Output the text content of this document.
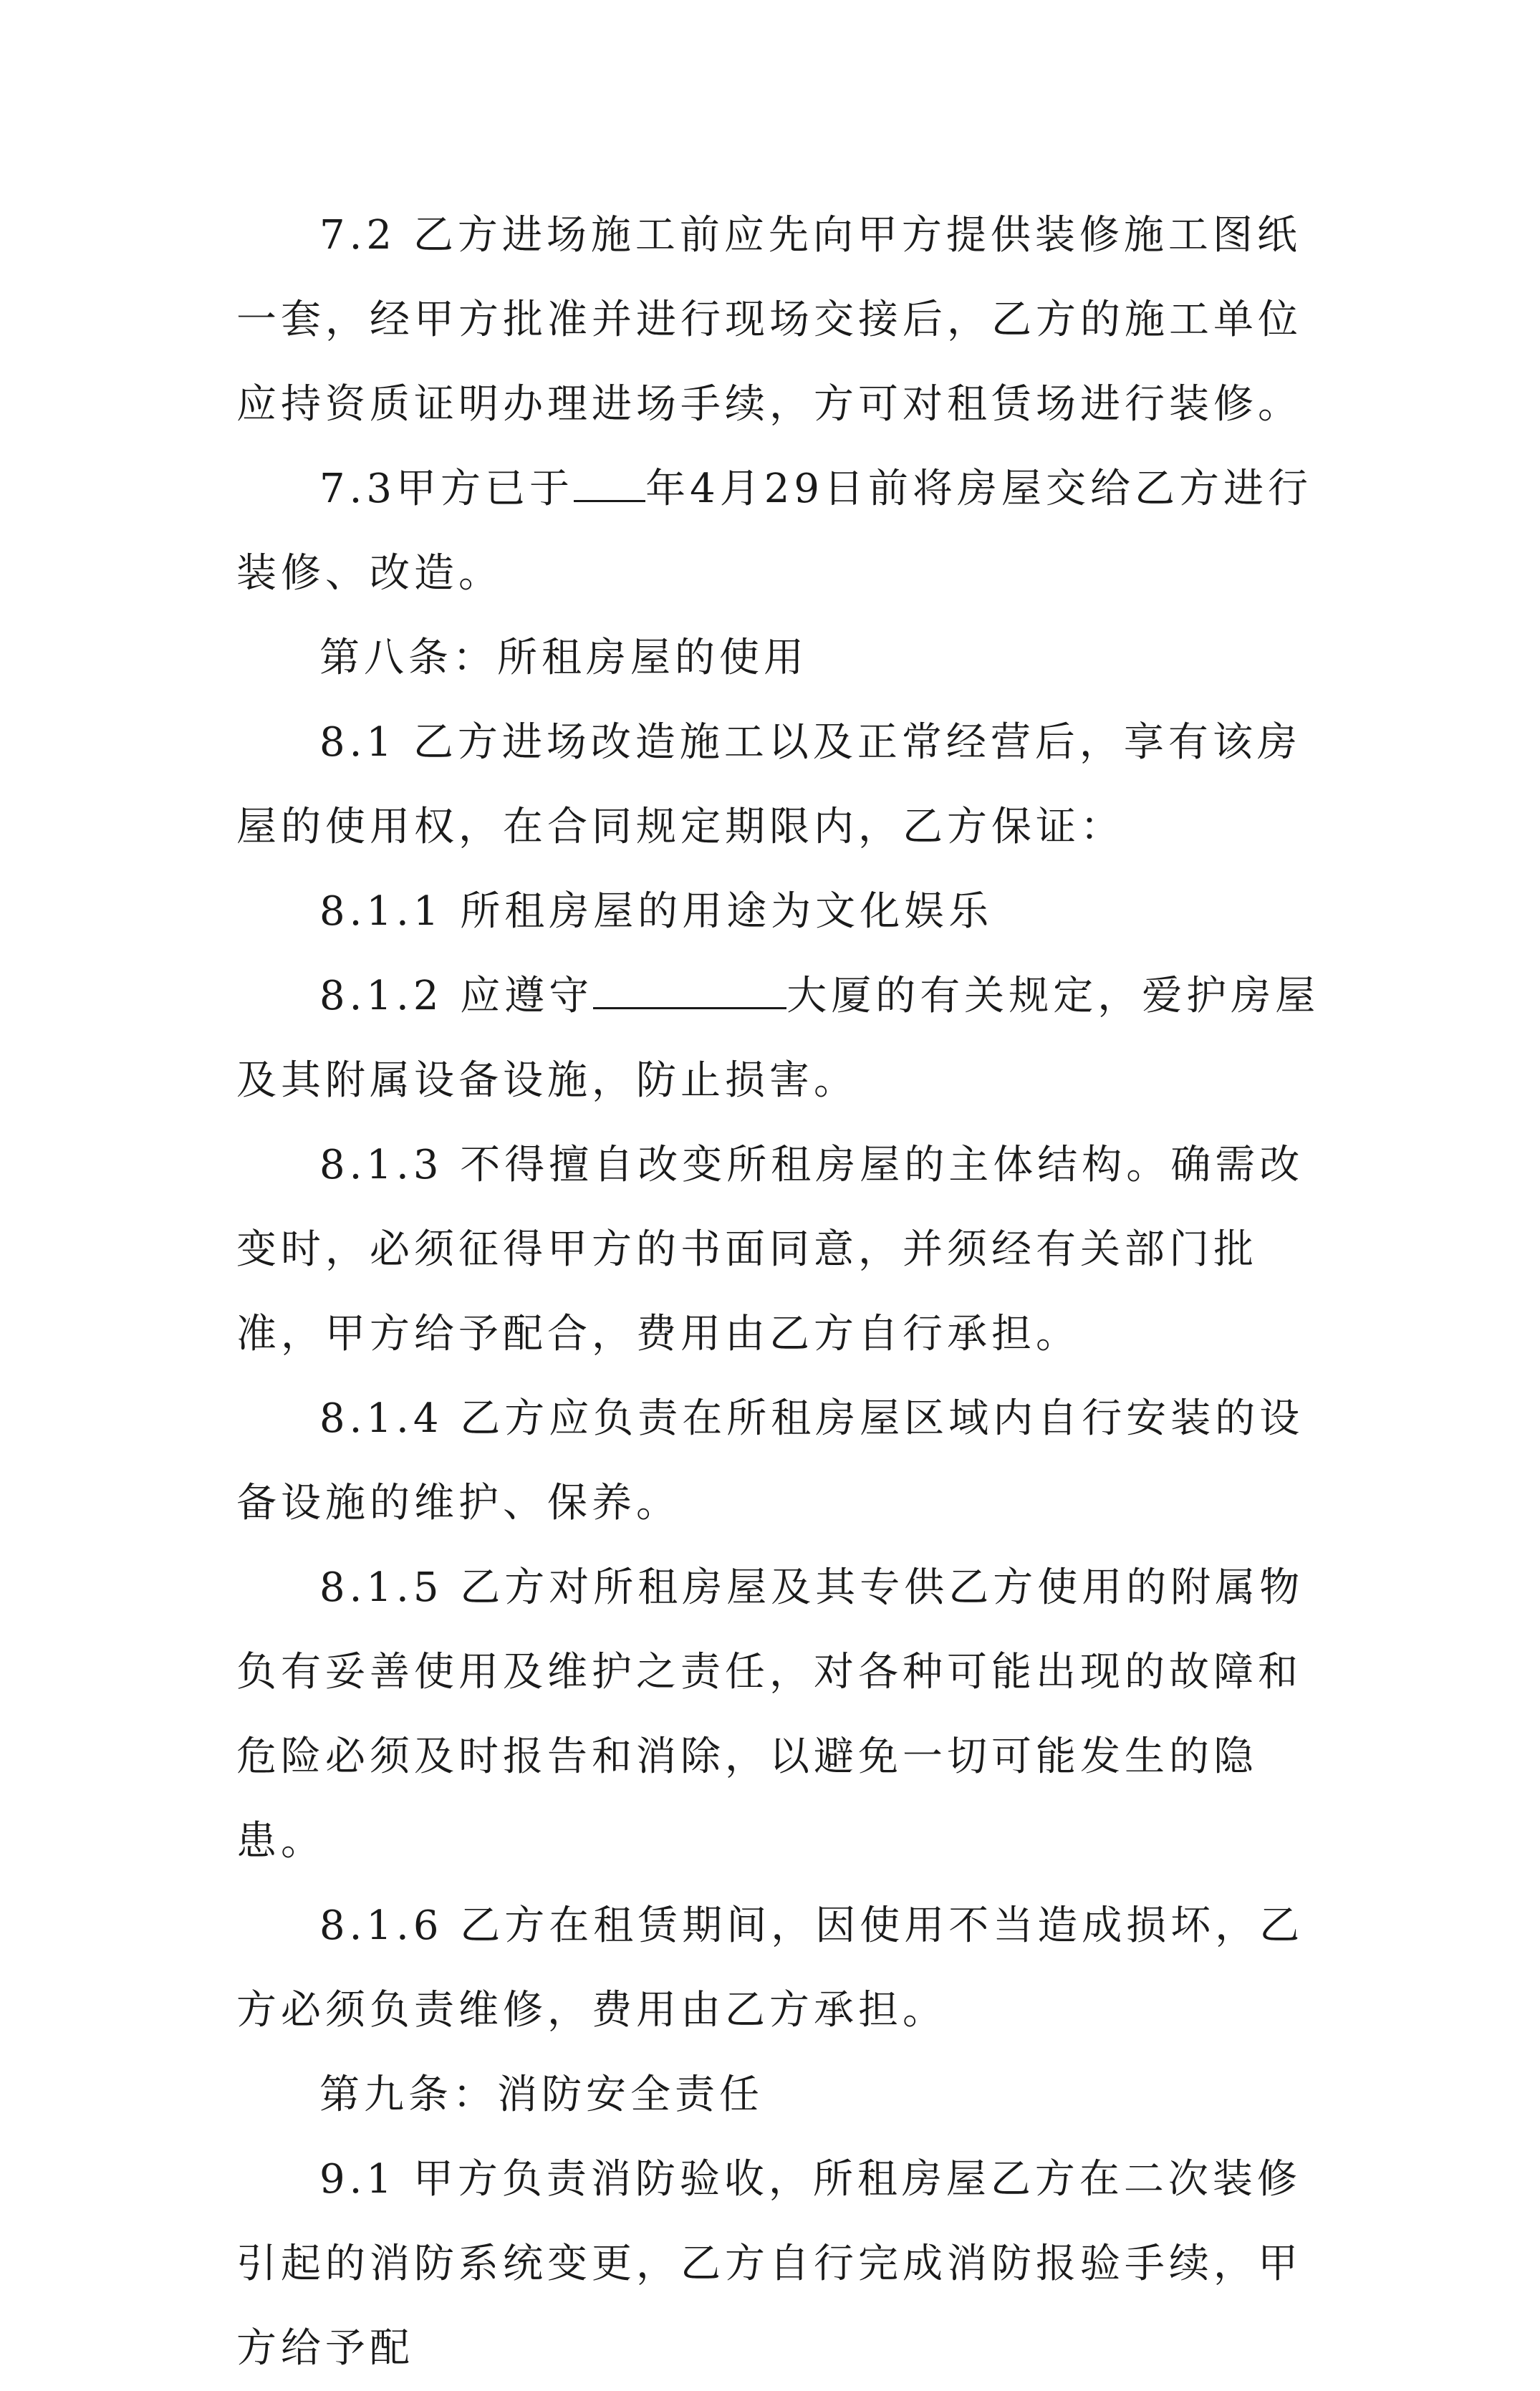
7.2 乙方进场施工前应先向甲方提供装修施工图纸一套，经甲方批准并进行现场交接后，乙方的施工单位应持资质证明办理进场手续，方可对租赁场进行装修。

7.3甲方已于 年4月29日前将房屋交给乙方进行装修、改造。

第八条：所租房屋的使用

8.1 乙方进场改造施工以及正常经营后，享有该房屋的使用权，在合同规定期限内，乙方保证：

8.1.1 所租房屋的用途为文化娱乐

8.1.2 应遵守	大厦的有关规定，爱护房屋及其附属设备设施，防止损害。

8.1.3 不得擅自改变所租房屋的主体结构。确需改变时，必须征得甲方的书面同意，并须经有关部门批准，甲方给予配合，费用由乙方自行承担。

8.1.4 乙方应负责在所租房屋区域内自行安装的设备设施的维护、保养。

8.1.5 乙方对所租房屋及其专供乙方使用的附属物负有妥善使用及维护之责任，对各种可能出现的故障和危险必须及时报告和消除，以避免一切可能发生的隐患。

8.1.6 乙方在租赁期间，因使用不当造成损坏，乙方必须负责维修，费用由乙方承担。

第九条：消防安全责任

9.1 甲方负责消防验收，所租房屋乙方在二次装修引起的消防系统变更，乙方自行完成消防报验手续，甲方给予配
